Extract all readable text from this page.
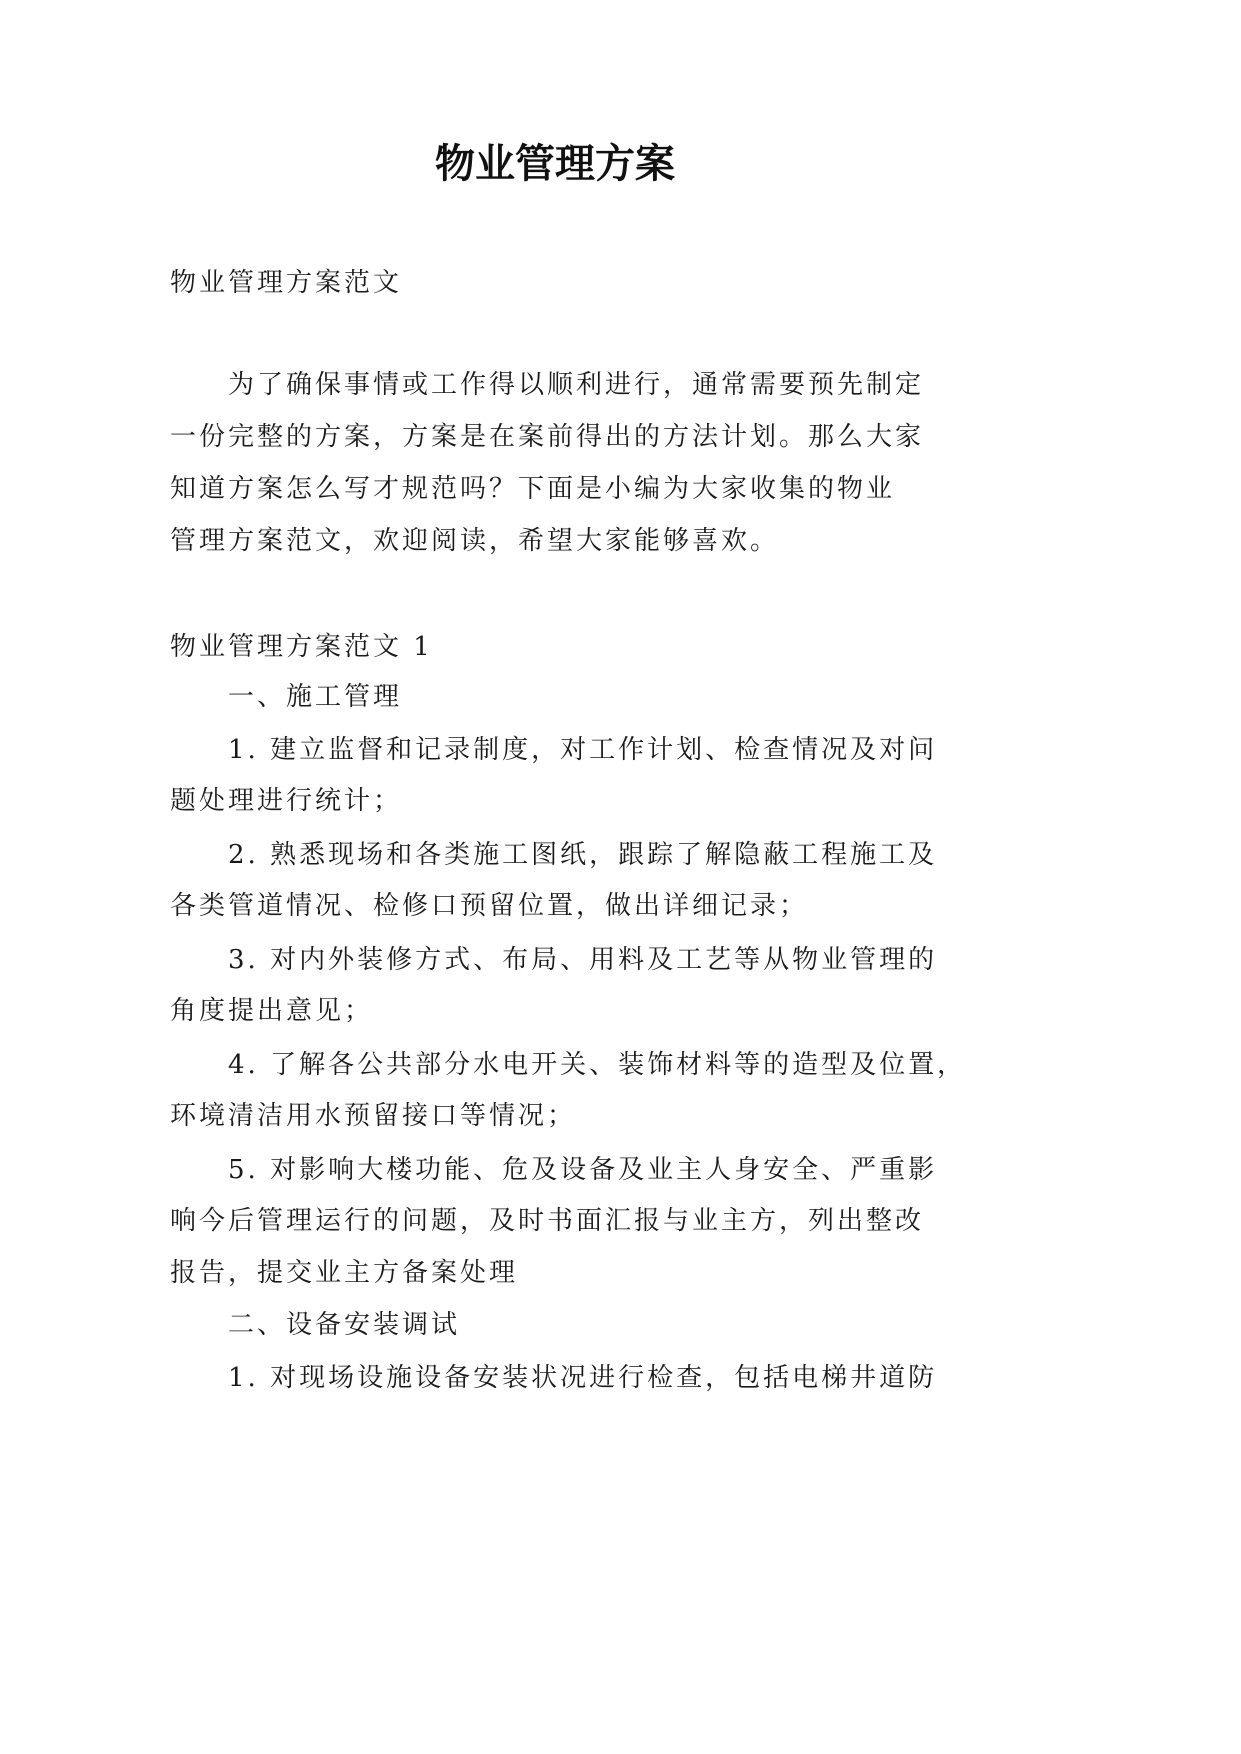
物业管理方案
物业管理方案范文
为了确保事情或工作得以顺利进行，通常需要预先制定
一份完整的方案，方案是在案前得出的方法计划。那么大家
知道方案怎么写才规范吗？下面是小编为大家收集的物业
管理方案范文，欢迎阅读，希望大家能够喜欢。
物业管理方案范文 1
一、施工管理
1. 建立监督和记录制度，对工作计划、检查情况及对问
题处理进行统计；
2. 熟悉现场和各类施工图纸，跟踪了解隐蔽工程施工及
各类管道情况、检修口预留位置，做出详细记录；
3. 对内外装修方式、布局、用料及工艺等从物业管理的
角度提出意见；
4. 了解各公共部分水电开关、装饰材料等的造型及位置，
环境清洁用水预留接口等情况；
5. 对影响大楼功能、危及设备及业主人身安全、严重影
响今后管理运行的问题，及时书面汇报与业主方，列出整改
报告，提交业主方备案处理
二、设备安装调试
1. 对现场设施设备安装状况进行检查，包括电梯井道防
